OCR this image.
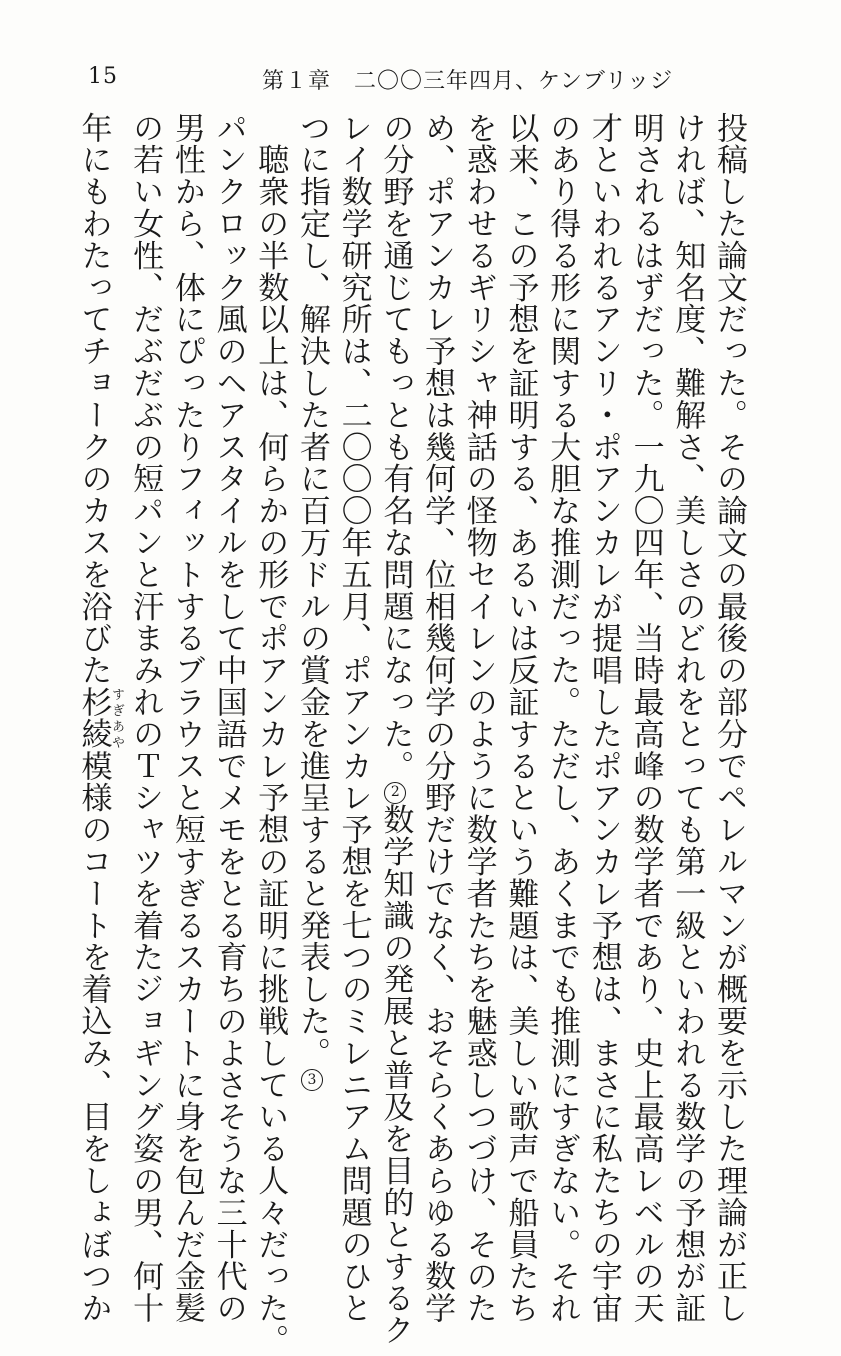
15	第１章　二〇〇三年四月、ケンブリッジ
投稿した論文だった。その論文の最後の部分でペレルマンが概要を示した理論が正し
ければ、知名度、難解さ、美しさのどれをとっても第一級といわれる数学の予想が証
明されるはずだった。一九〇四年、当時最高峰の数学者であり、史上最高レベルの天
才といわれるアンリ・ポアンカレが提唱したポアンカレ予想は、まさに私たちの宇宙
のあり得る形に関する大胆な推測だった。ただし、あくまでも推測にすぎない。それ
以来、この予想を証明する、あるいは反証するという難題は、美しい歌声で船員たち
を惑わせるギリシャ神話の怪物セイレンのように数学者たちを魅惑しつづけ、そのた
め、ポアンカレ予想は幾何学、位相幾何学の分野だけでなく、おそらくあらゆる数学
の分野を通じてもっとも有名な問題になった。2数学知識の発展と普及を目的とするク
レイ数学研究所は、二〇〇〇年五月、ポアンカレ予想を七つのミレニアム問題のひと
つに指定し、解決した者に百万ドルの賞金を進呈すると発表した。3
　聴衆の半数以上は、何らかの形でポアンカレ予想の証明に挑戦している人々だった。
パンクロック風のヘアスタイルをして中国語でメモをとる育ちのよさそうな三十代の
男性から、体にぴったりフィットするブラウスと短すぎるスカートに身を包んだ金髪
の若い女性、だぶだぶの短パンと汗まみれのＴシャツを着たジョギング姿の男、何十
年にもわたってチョークのカスを浴びた杉綾すぎあや模様のコートを着込み、目をしょぼつか
